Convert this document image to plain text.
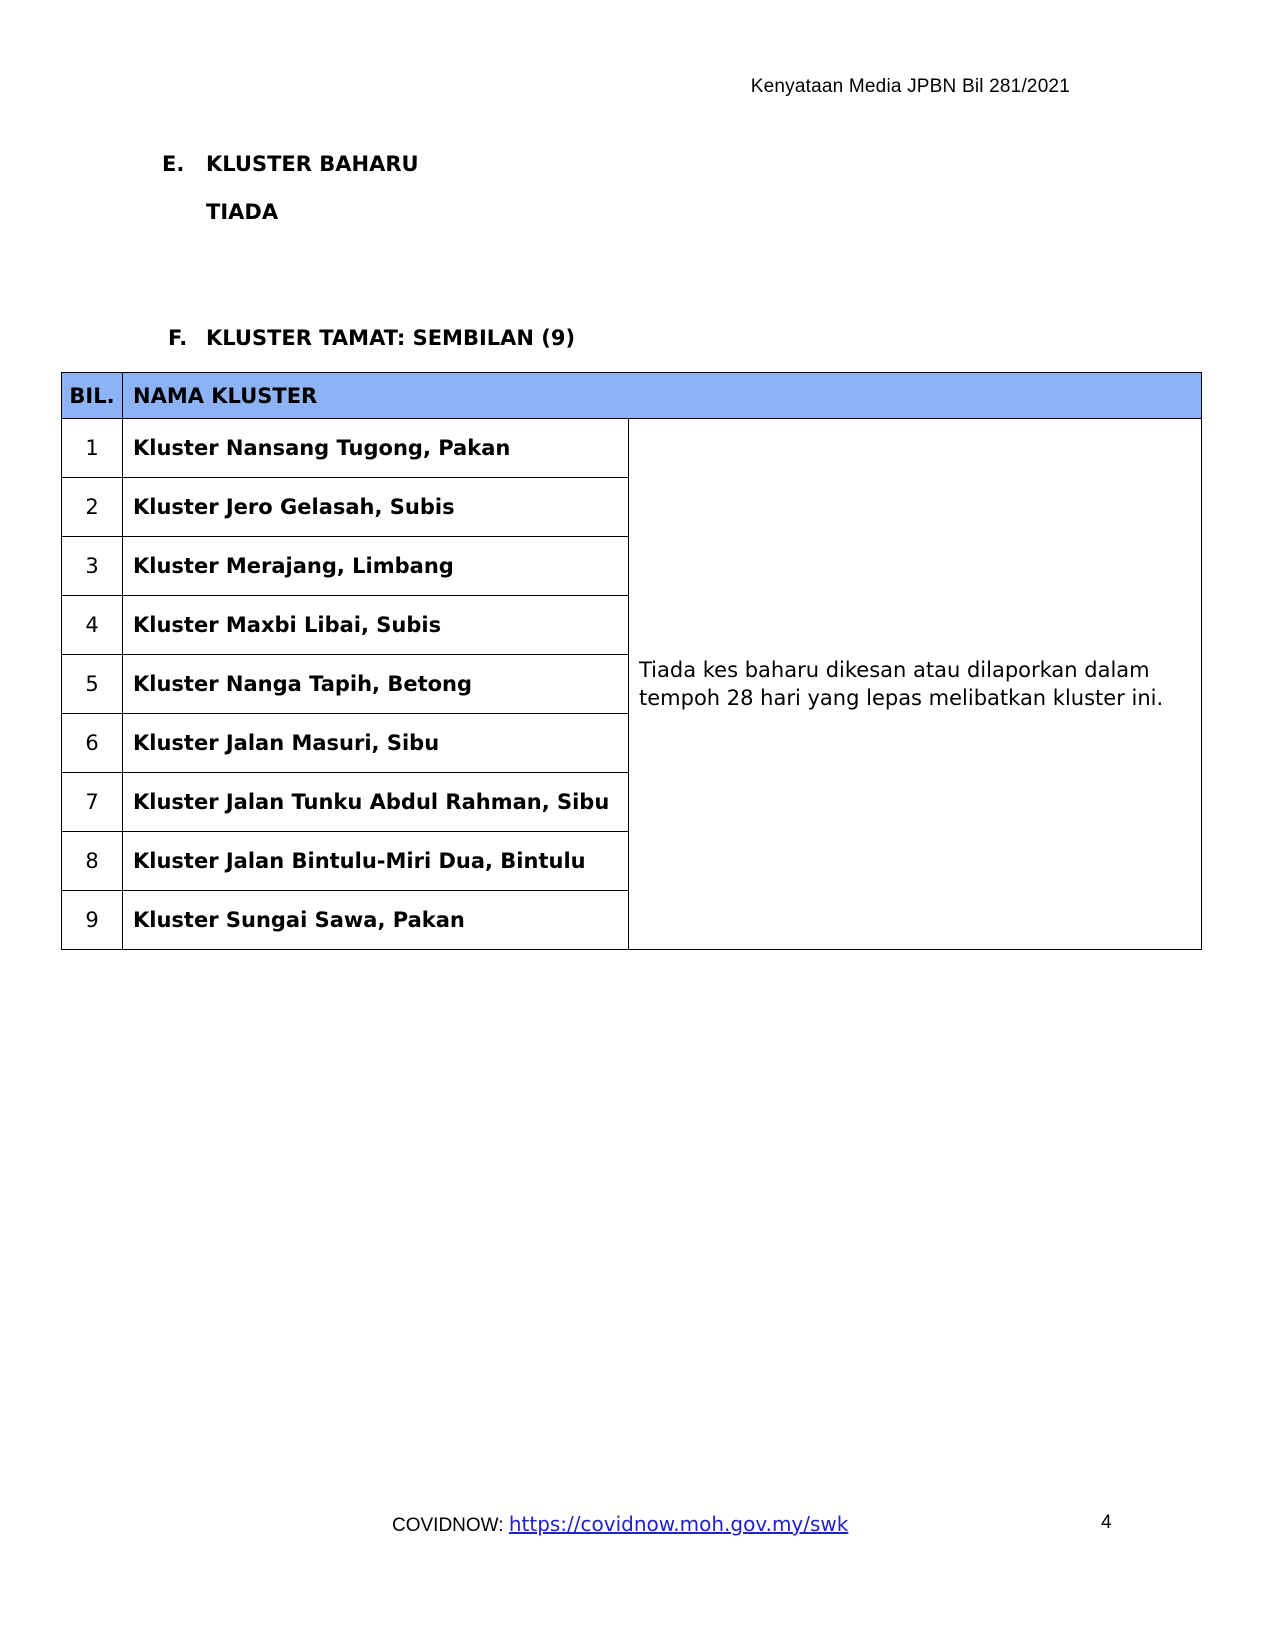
Kenyataan Media JPBN Bil 281/2021
E. KLUSTER BAHARU
TIADA
F. KLUSTER TAMAT: SEMBILAN (9)
BIL.	NAMA KLUSTER	
1	Kluster Nansang Tugong, Pakan	Tiada kes baharu dikesan atau dilaporkan dalam tempoh 28 hari yang lepas melibatkan kluster ini.
2	Kluster Jero Gelasah, Subis	
3	Kluster Merajang, Limbang	
4	Kluster Maxbi Libai, Subis	
5	Kluster Nanga Tapih, Betong	
6	Kluster Jalan Masuri, Sibu	
7	Kluster Jalan Tunku Abdul Rahman, Sibu	
8	Kluster Jalan Bintulu-Miri Dua, Bintulu	
9	Kluster Sungai Sawa, Pakan	
COVIDNOW: https://covidnow.moh.gov.my/swk	4
